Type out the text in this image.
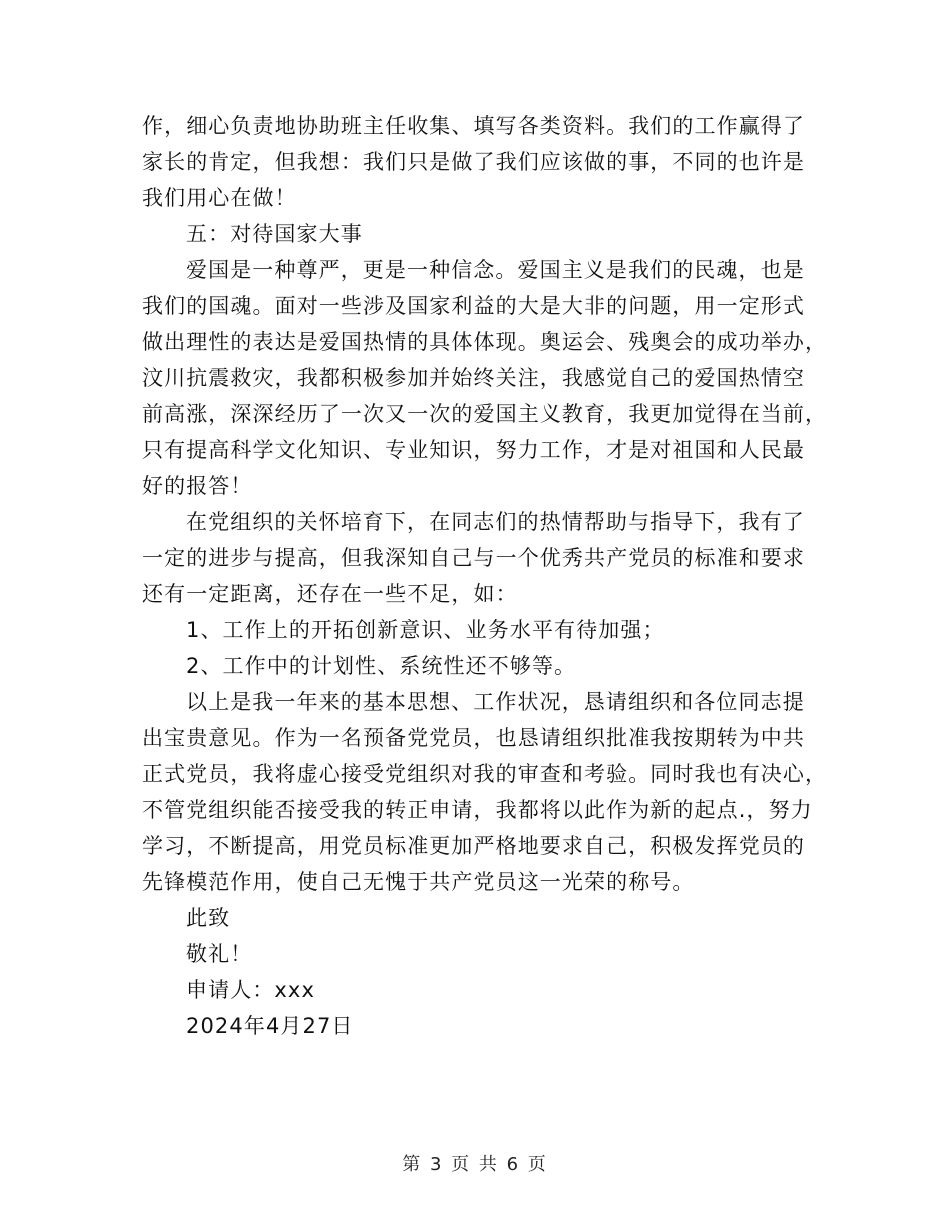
作，细心负责地协助班主任收集、填写各类资料。我们的工作赢得了
家长的肯定，但我想：我们只是做了我们应该做的事，不同的也许是
我们用心在做！
五：对待国家大事
爱国是一种尊严，更是一种信念。爱国主义是我们的民魂，也是
我们的国魂。面对一些涉及国家利益的大是大非的问题，用一定形式
做出理性的表达是爱国热情的具体体现。奥运会、残奥会的成功举办，
汶川抗震救灾，我都积极参加并始终关注，我感觉自己的爱国热情空
前高涨，深深经历了一次又一次的爱国主义教育，我更加觉得在当前，
只有提高科学文化知识、专业知识，努力工作，才是对祖国和人民最
好的报答！
在党组织的关怀培育下，在同志们的热情帮助与指导下，我有了
一定的进步与提高，但我深知自己与一个优秀共产党员的标准和要求
还有一定距离，还存在一些不足，如：
1、工作上的开拓创新意识、业务水平有待加强；
2、工作中的计划性、系统性还不够等。
以上是我一年来的基本思想、工作状况，恳请组织和各位同志提
出宝贵意见。作为一名预备党党员，也恳请组织批准我按期转为中共
正式党员，我将虚心接受党组织对我的审查和考验。同时我也有决心，
不管党组织能否接受我的转正申请，我都将以此作为新的起点.，努力
学习，不断提高，用党员标准更加严格地要求自己，积极发挥党员的
先锋模范作用，使自己无愧于共产党员这一光荣的称号。
此致
敬礼！
申请人：xxx
2024年4月27日
第 3 页 共 6 页
